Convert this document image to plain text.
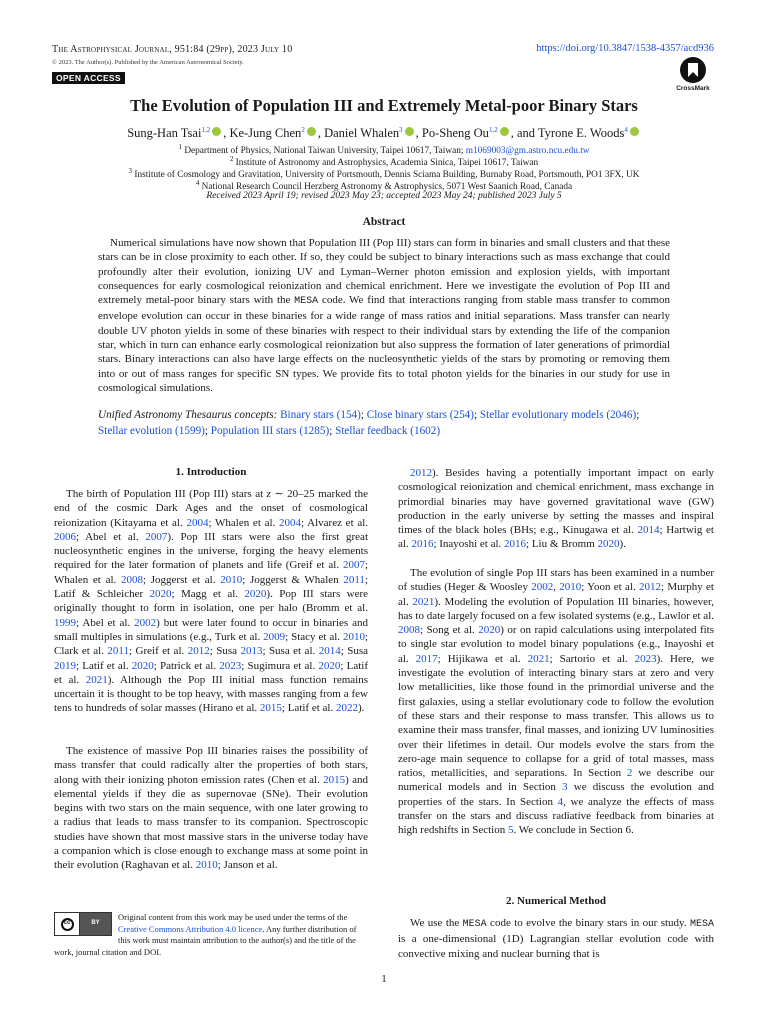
The Astrophysical Journal, 951:84 (29pp), 2023 July 10	https://doi.org/10.3847/1538-4357/acd936
© 2023. The Author(s). Published by the American Astronomical Society.
OPEN ACCESS
CrossMark
The Evolution of Population III and Extremely Metal-poor Binary Stars
Sung-Han Tsai$^{1,2}$ , Ke-Jung Chen$^2$ , Daniel Whalen$^3$ , Po-Sheng Ou$^{1,2}$ , and Tyrone E. Woods$^4$
$^1$ Department of Physics, National Taiwan University, Taipei 10617, Taiwan; m1069003@gm.astro.ncu.edu.tw
$^2$ Institute of Astronomy and Astrophysics, Academia Sinica, Taipei 10617, Taiwan
$^3$ Institute of Cosmology and Gravitation, University of Portsmouth, Dennis Sciama Building, Burnaby Road, Portsmouth, PO1 3FX, UK
$^4$ National Research Council Herzberg Astronomy & Astrophysics, 5071 West Saanich Road, Canada
Received 2023 April 19; revised 2023 May 23; accepted 2023 May 24; published 2023 July 5
Abstract
Numerical simulations have now shown that Population III (Pop III) stars can form in binaries and small clusters and that these stars can be in close proximity to each other. If so, they could be subject to binary interactions such as mass exchange that could profoundly alter their evolution, ionizing UV and Lyman–Werner photon emission and explosion yields, with important consequences for early cosmological reionization and chemical enrichment. Here we investigate the evolution of Pop III and extremely metal-poor binary stars with the MESA code. We find that interactions ranging from stable mass transfer to common envelope evolution can occur in these binaries for a wide range of mass ratios and initial separations. Mass transfer can nearly double UV photon yields in some of these binaries with respect to their individual stars by extending the life of the companion star, which in turn can enhance early cosmological reionization but also suppress the formation of later generations of primordial stars. Binary interactions can also have large effects on the nucleosynthetic yields of the stars by promoting or removing them into or out of mass ranges for specific SN types. We provide fits to total photon yields for the binaries in our study for use in cosmological simulations.
Unified Astronomy Thesaurus concepts: Binary stars (154); Close binary stars (254); Stellar evolutionary models (2046); Stellar evolution (1599); Population III stars (1285); Stellar feedback (1602)
1. Introduction
The birth of Population III (Pop III) stars at z ∼ 20–25 marked the end of the cosmic Dark Ages and the onset of cosmological reionization (Kitayama et al. 2004; Whalen et al. 2004; Alvarez et al. 2006; Abel et al. 2007). Pop III stars were also the first great nucleosynthetic engines in the universe, forging the heavy elements required for the later formation of planets and life (Greif et al. 2007; Whalen et al. 2008; Joggerst et al. 2010; Joggerst & Whalen 2011; Latif & Schleicher 2020; Magg et al. 2020). Pop III stars were originally thought to form in isolation, one per halo (Bromm et al. 1999; Abel et al. 2002) but were later found to occur in binaries and small multiples in simulations (e.g., Turk et al. 2009; Stacy et al. 2010; Clark et al. 2011; Greif et al. 2012; Susa 2013; Susa et al. 2014; Susa 2019; Latif et al. 2020; Patrick et al. 2023; Sugimura et al. 2020; Latif et al. 2021). Although the Pop III initial mass function remains uncertain it is thought to be top heavy, with masses ranging from a few tens to hundreds of solar masses (Hirano et al. 2015; Latif et al. 2022).
The existence of massive Pop III binaries raises the possibility of mass transfer that could radically alter the properties of both stars, along with their ionizing photon emission rates (Chen et al. 2015) and elemental yields if they die as supernovae (SNe). Their evolution begins with two stars on the main sequence, with one later growing to a radius that leads to mass transfer to its companion. Spectroscopic studies have shown that most massive stars in the universe today have a companion which is close enough to exchange mass at some point in their evolution (Raghavan et al. 2010; Janson et al.
cc	BY
Original content from this work may be used under the terms of the Creative Commons Attribution 4.0 licence. Any further distribution of this work must maintain attribution to the author(s) and the title of the work, journal citation and DOI.
2012). Besides having a potentially important impact on early cosmological reionization and chemical enrichment, mass exchange in primordial binaries may have governed gravitational wave (GW) production in the early universe by setting the masses and inspiral times of the black holes (BHs; e.g., Kinugawa et al. 2014; Hartwig et al. 2016; Inayoshi et al. 2016; Liu & Bromm 2020).
The evolution of single Pop III stars has been examined in a number of studies (Heger & Woosley 2002, 2010; Yoon et al. 2012; Murphy et al. 2021). Modeling the evolution of Population III binaries, however, has to date largely focused on a few isolated systems (e.g., Lawlor et al. 2008; Song et al. 2020) or on rapid calculations using interpolated fits to single star evolution to model binary populations (e.g., Inayoshi et al. 2017; Hijikawa et al. 2021; Sartorio et al. 2023). Here, we investigate the evolution of interacting binary stars at zero and very low metallicities, like those found in the primordial universe and the first galaxies, using a stellar evolutionary code to follow the evolution of these stars and their response to mass transfer. This allows us to examine their mass transfer, final masses, and ionizing UV luminosities over their lifetimes in detail. Our models evolve the stars from the zero-age main sequence to collapse for a grid of total masses, mass ratios, metallicities, and separations. In Section 2 we describe our numerical models and in Section 3 we discuss the evolution and properties of the stars. In Section 4, we analyze the effects of mass transfer on the stars and discuss radiative feedback from binaries at high redshifts in Section 5. We conclude in Section 6.
2. Numerical Method
We use the MESA code to evolve the binary stars in our study. MESA is a one-dimensional (1D) Lagrangian stellar evolution code with convective mixing and nuclear burning that is
1
